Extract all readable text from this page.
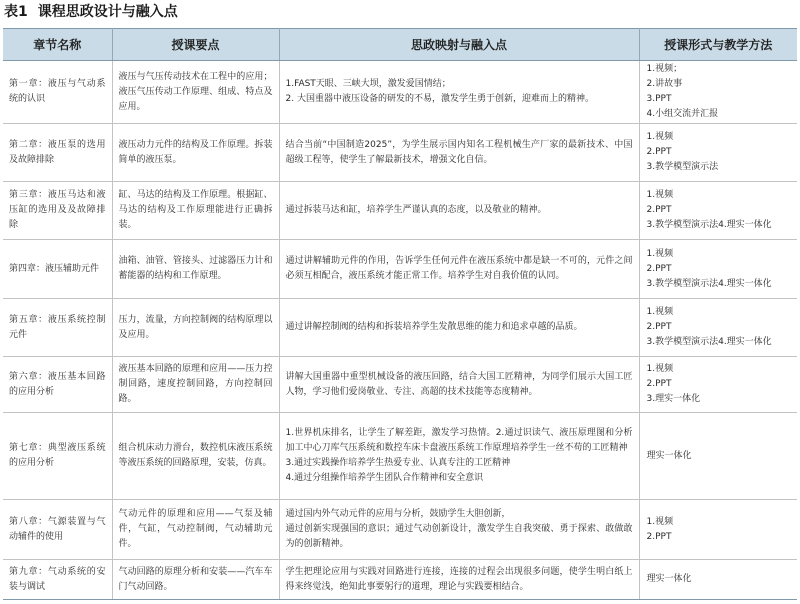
表1 课程思政设计与融入点
章节名称	授课要点	思政映射与融入点	授课形式与教学方法
第一章：液压与气动系统的认识	液压与气压传动技术在工程中的应用；液压气压传动工作原理、组成、特点及应用。	1.FAST天眼、三峡大坝，激发爱国情结；
2. 大国重器中液压设备的研发的不易，激发学生勇于创新，迎难而上的精神。	1.视频；
2.讲故事
3.PPT
4.小组交流并汇报

第二章：液压泵的选用及故障排除	液压动力元件的结构及工作原理。拆装简单的液压泵。	结合当前“中国制造2025”，为学生展示国内知名工程机械生产厂家的最新技术、中国超级工程等，使学生了解最新技术，增强文化自信。	1.视频
2.PPT
3.教学模型演示法

第三章：液压马达和液压缸的选用及及故障排除	缸、马达的结构及工作原理。根据缸、马达的结构及工作原理能进行正确拆装。	通过拆装马达和缸，培养学生严谨认真的态度，以及敬业的精神。	1.视频
2.PPT
3.教学模型演示法4.理实一体化

第四章：液压辅助元件	油箱、油管、管接头、过滤器压力计和蓄能器的结构和工作原理。	通过讲解辅助元件的作用，告诉学生任何元件在液压系统中都是缺一不可的，元件之间必须互相配合，液压系统才能正常工作。培养学生对自我价值的认同。	1.视频
2.PPT
3.教学模型演示法4.理实一体化

第五章：液压系统控制元件	压力，流量，方向控制阀的结构原理以及应用。	通过讲解控制阀的结构和拆装培养学生发散思维的能力和追求卓越的品质。	1.视频
2.PPT
3.教学模型演示法4.理实一体化

第六章：液压基本回路的应用分析	液压基本回路的原理和应用——压力控制回路，速度控制回路，方向控制回路。	讲解大国重器中重型机械设备的液压回路，结合大国工匠精神，为同学们展示大国工匠人物，学习他们爱岗敬业、专注、高超的技术技能等态度精神。	1.视频
2.PPT
3.理实一体化

第七章：典型液压系统的应用分析	组合机床动力滑台，数控机床液压系统等液压系统的回路原理，安装，仿真。	1.世界机床排名，让学生了解差距，激发学习热情。2.通过识读气、液压原理图和分析加工中心刀库气压系统和数控车床卡盘液压系统工作原理培养学生一丝不苟的工匠精神
3.通过实践操作培养学生热爱专业、认真专注的工匠精神
4.通过分组操作培养学生团队合作精神和安全意识	理实一体化

第八章：气源装置与气动辅件的使用	气动元件的原理和应用——气泵及辅件，气缸，气动控制阀，气动辅助元件。	通过国内外气动元件的应用与分析，鼓励学生大胆创新，
通过创新实现强国的意识；通过气动创新设计，激发学生自我突破、勇于探索、敢做敢为的创新精神。	1.视频
2.PPT

第九章：气动系统的安装与调试	气动回路的原理分析和安装——汽车车门气动回路。	学生把理论应用与实践对回路进行连接，连接的过程会出现很多问题，使学生明白纸上得来终觉浅，绝知此事要躬行的道理，理论与实践要相结合。	理实一体化
